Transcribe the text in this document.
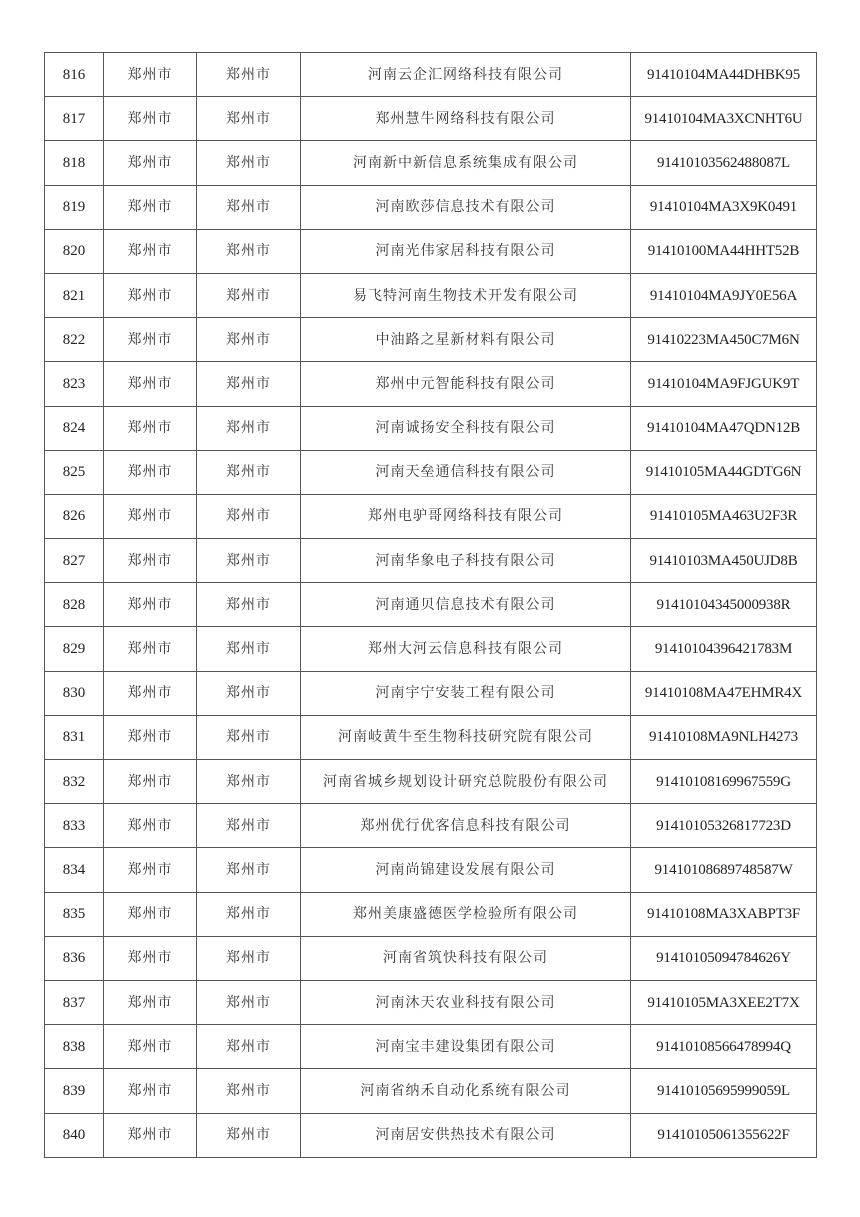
816	郑州市	郑州市	河南云企汇网络科技有限公司	91410104MA44DHBK95
817	郑州市	郑州市	郑州慧牛网络科技有限公司	91410104MA3XCNHT6U
818	郑州市	郑州市	河南新中新信息系统集成有限公司	91410103562488087L
819	郑州市	郑州市	河南欧莎信息技术有限公司	91410104MA3X9K0491
820	郑州市	郑州市	河南光伟家居科技有限公司	91410100MA44HHT52B
821	郑州市	郑州市	易飞特河南生物技术开发有限公司	91410104MA9JY0E56A
822	郑州市	郑州市	中油路之星新材料有限公司	91410223MA450C7M6N
823	郑州市	郑州市	郑州中元智能科技有限公司	91410104MA9FJGUK9T
824	郑州市	郑州市	河南诚扬安全科技有限公司	91410104MA47QDN12B
825	郑州市	郑州市	河南天垒通信科技有限公司	91410105MA44GDTG6N
826	郑州市	郑州市	郑州电驴哥网络科技有限公司	91410105MA463U2F3R
827	郑州市	郑州市	河南华象电子科技有限公司	91410103MA450UJD8B
828	郑州市	郑州市	河南通贝信息技术有限公司	91410104345000938R
829	郑州市	郑州市	郑州大河云信息科技有限公司	91410104396421783M
830	郑州市	郑州市	河南宇宁安装工程有限公司	91410108MA47EHMR4X
831	郑州市	郑州市	河南岐黄牛至生物科技研究院有限公司	91410108MA9NLH4273
832	郑州市	郑州市	河南省城乡规划设计研究总院股份有限公司	91410108169967559G
833	郑州市	郑州市	郑州优行优客信息科技有限公司	91410105326817723D
834	郑州市	郑州市	河南尚锦建设发展有限公司	91410108689748587W
835	郑州市	郑州市	郑州美康盛德医学检验所有限公司	91410108MA3XABPT3F
836	郑州市	郑州市	河南省筑快科技有限公司	91410105094784626Y
837	郑州市	郑州市	河南沐天农业科技有限公司	91410105MA3XEE2T7X
838	郑州市	郑州市	河南宝丰建设集团有限公司	91410108566478994Q
839	郑州市	郑州市	河南省纳禾自动化系统有限公司	91410105695999059L
840	郑州市	郑州市	河南居安供热技术有限公司	91410105061355622F
